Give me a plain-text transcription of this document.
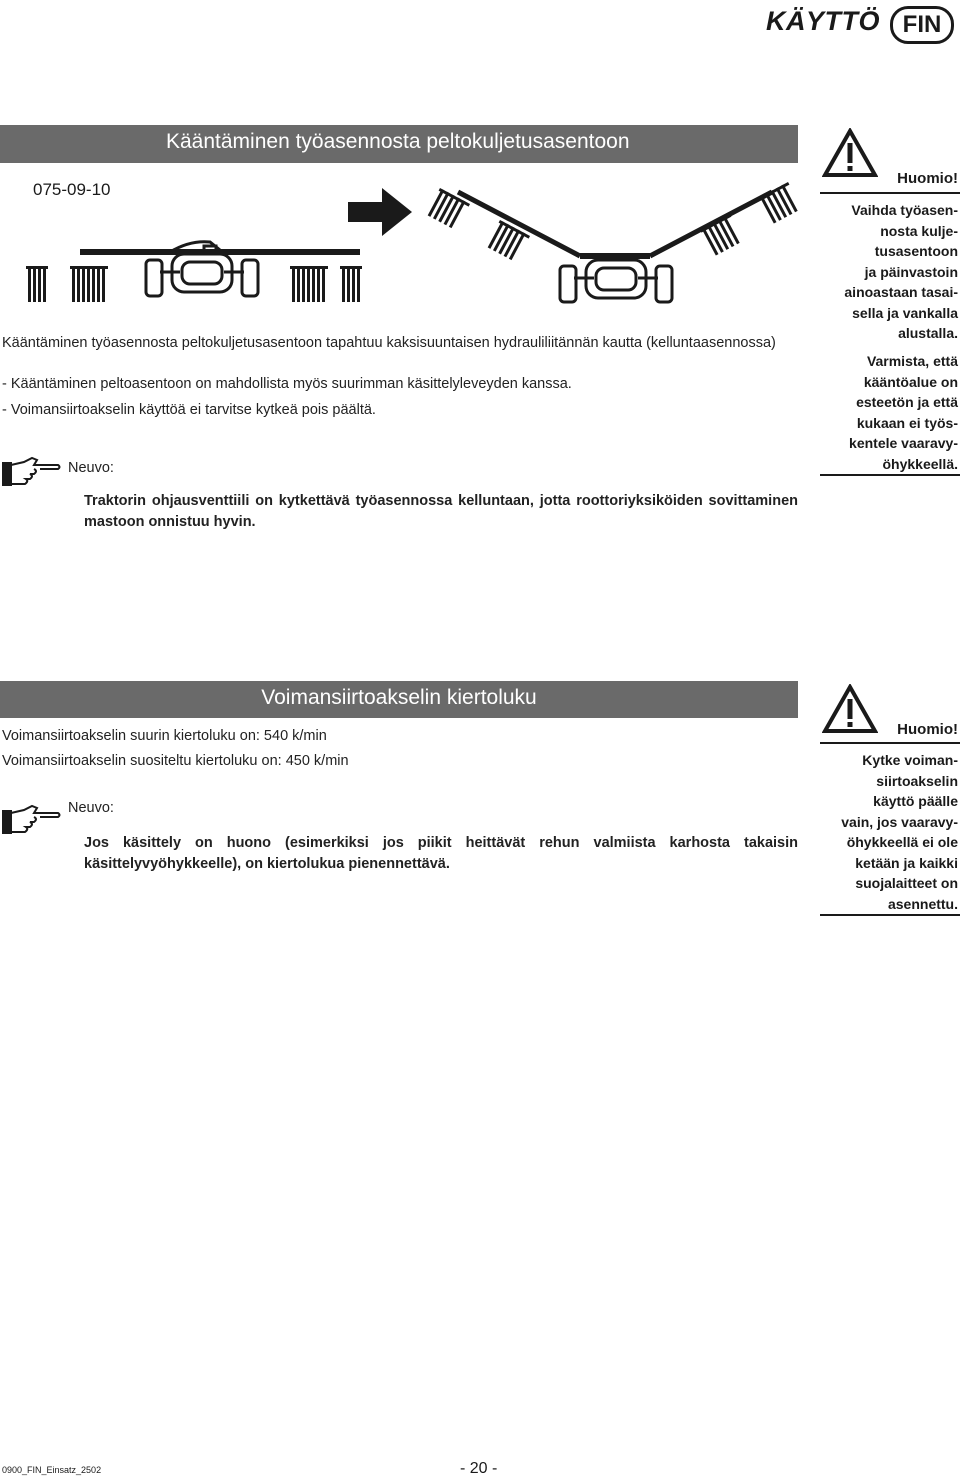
KÄYTTÖ FIN
Kääntäminen työasennosta peltokuljetusasentoon
075-09-10
Kääntäminen työasennosta peltokuljetusasentoon tapahtuu kaksisuuntaisen hydrauliliitännän kautta (kelluntaasennossa)
- Kääntäminen peltoasentoon on mahdollista myös suurimman käsittelyleveyden kanssa.
- Voimansiirtoakselin käyttöä ei tarvitse kytkeä pois päältä.
Neuvo:
Traktorin ohjausventtiili on kytkettävä työasennossa kelluntaan, jotta roottoriyksiköiden sovittaminen mastoon onnistuu hyvin.
Huomio!
Vaihda työasen-
nosta kulje-
tusasentoon
ja päinvastoin
ainoastaan tasai-
sella ja vankalla
alustalla.
Varmista, että
kääntöalue on
esteetön ja että
kukaan ei työs-
kentele vaaravy-
öhykkeellä.
Voimansiirtoakselin kiertoluku
Voimansiirtoakselin suurin kiertoluku on: 540 k/min
Voimansiirtoakselin suositeltu kiertoluku on: 450 k/min
Neuvo:
Jos käsittely on huono (esimerkiksi jos piikit heittävät rehun valmiista karhosta takaisin käsittelyvyöhykkeelle), on kiertolukua pienennettävä.
Huomio!
Kytke voiman-
siirtoakselin
käyttö päälle
vain, jos vaaravy-
öhykkeellä ei ole
ketään ja kaikki
suojalaitteet on
asennettu.
0900_FIN_Einsatz_2502	- 20 -
